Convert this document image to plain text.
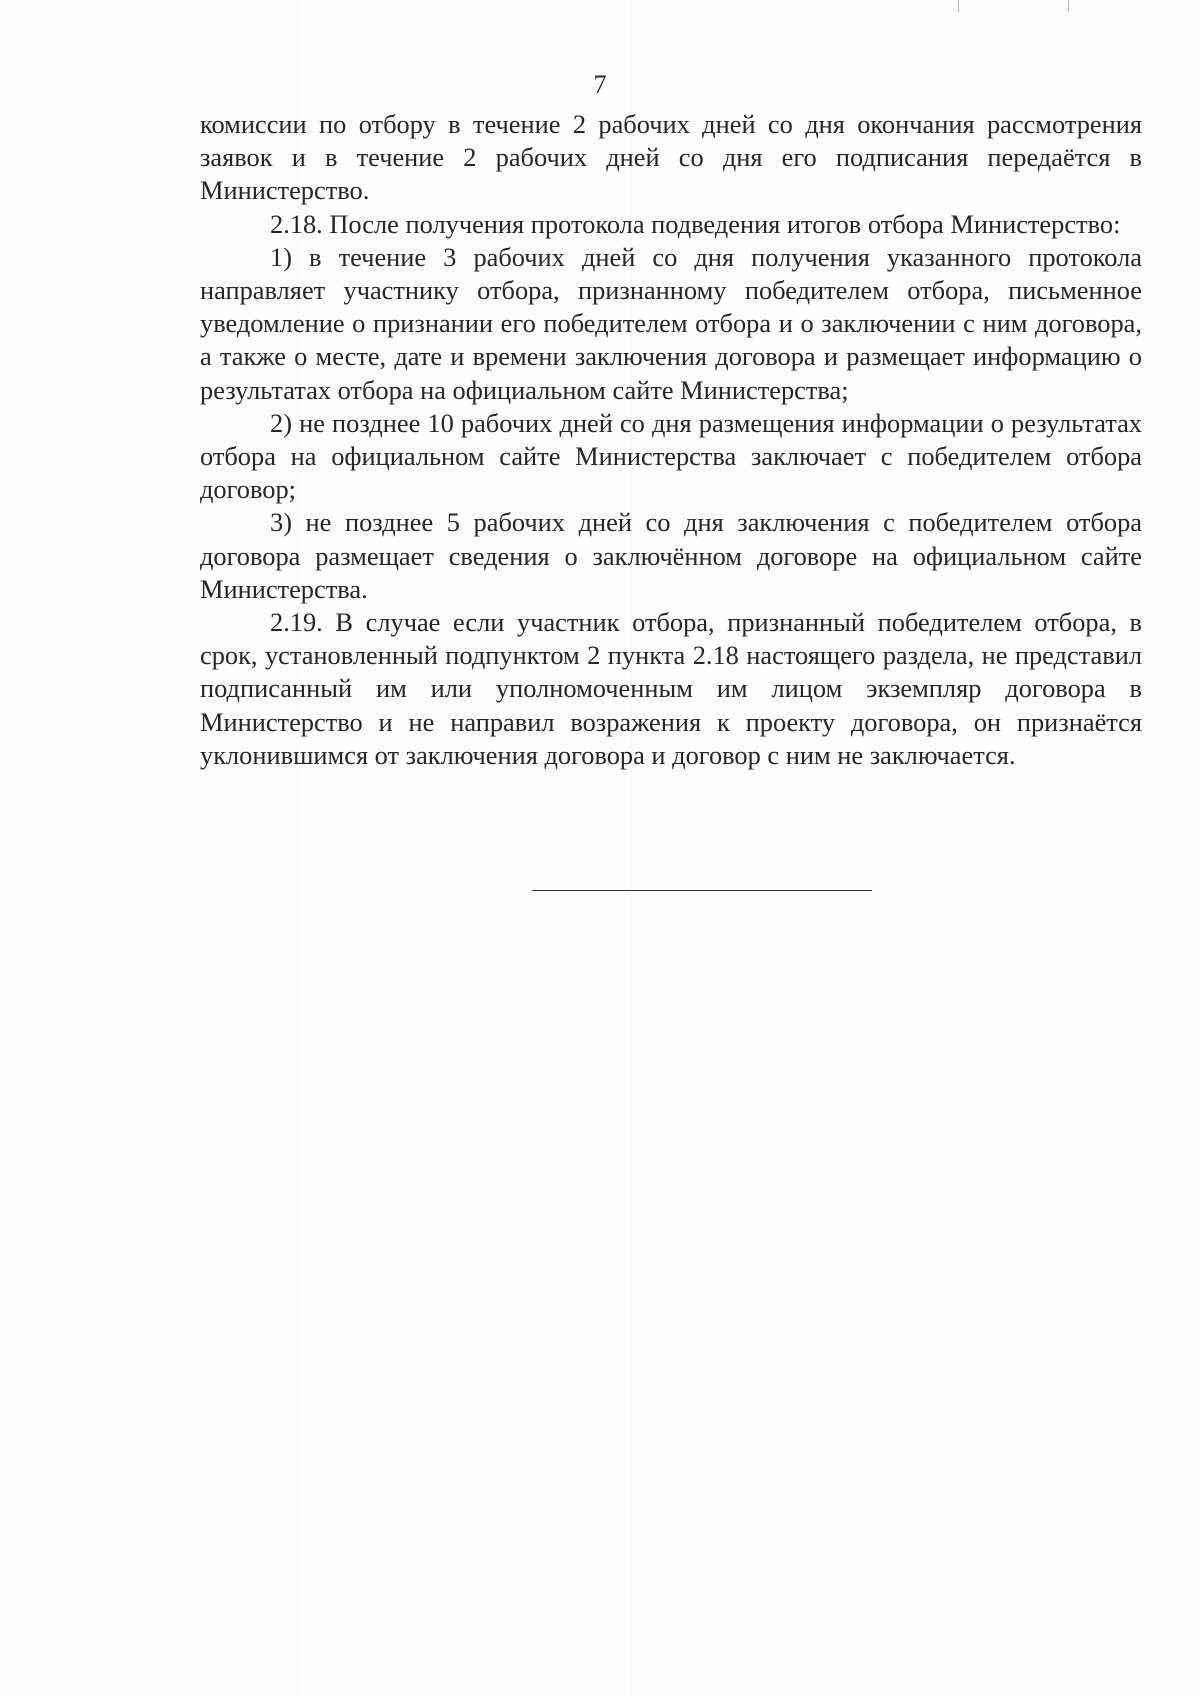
7

комиссии по отбору в течение 2 рабочих дней со дня окончания рассмотрения заявок и в течение 2 рабочих дней со дня его подписания передаётся в Министерство.

2.18. После получения протокола подведения итогов отбора Министерство:

1) в течение 3 рабочих дней со дня получения указанного протокола направляет участнику отбора, признанному победителем отбора, письменное уведомление о признании его победителем отбора и о заключении с ним договора, а также о месте, дате и времени заключения договора и размещает информацию о результатах отбора на официальном сайте Министерства;

2) не позднее 10 рабочих дней со дня размещения информации о результатах отбора на официальном сайте Министерства заключает с победителем отбора договор;

3) не позднее 5 рабочих дней со дня заключения с победителем отбора договора размещает сведения о заключённом договоре на официальном сайте Министерства.

2.19. В случае если участник отбора, признанный победителем отбора, в срок, установленный подпунктом 2 пункта 2.18 настоящего раздела, не представил подписанный им или уполномоченным им лицом экземпляр договора в Министерство и не направил возражения к проекту договора, он признаётся уклонившимся от заключения договора и договор с ним не заключается.
